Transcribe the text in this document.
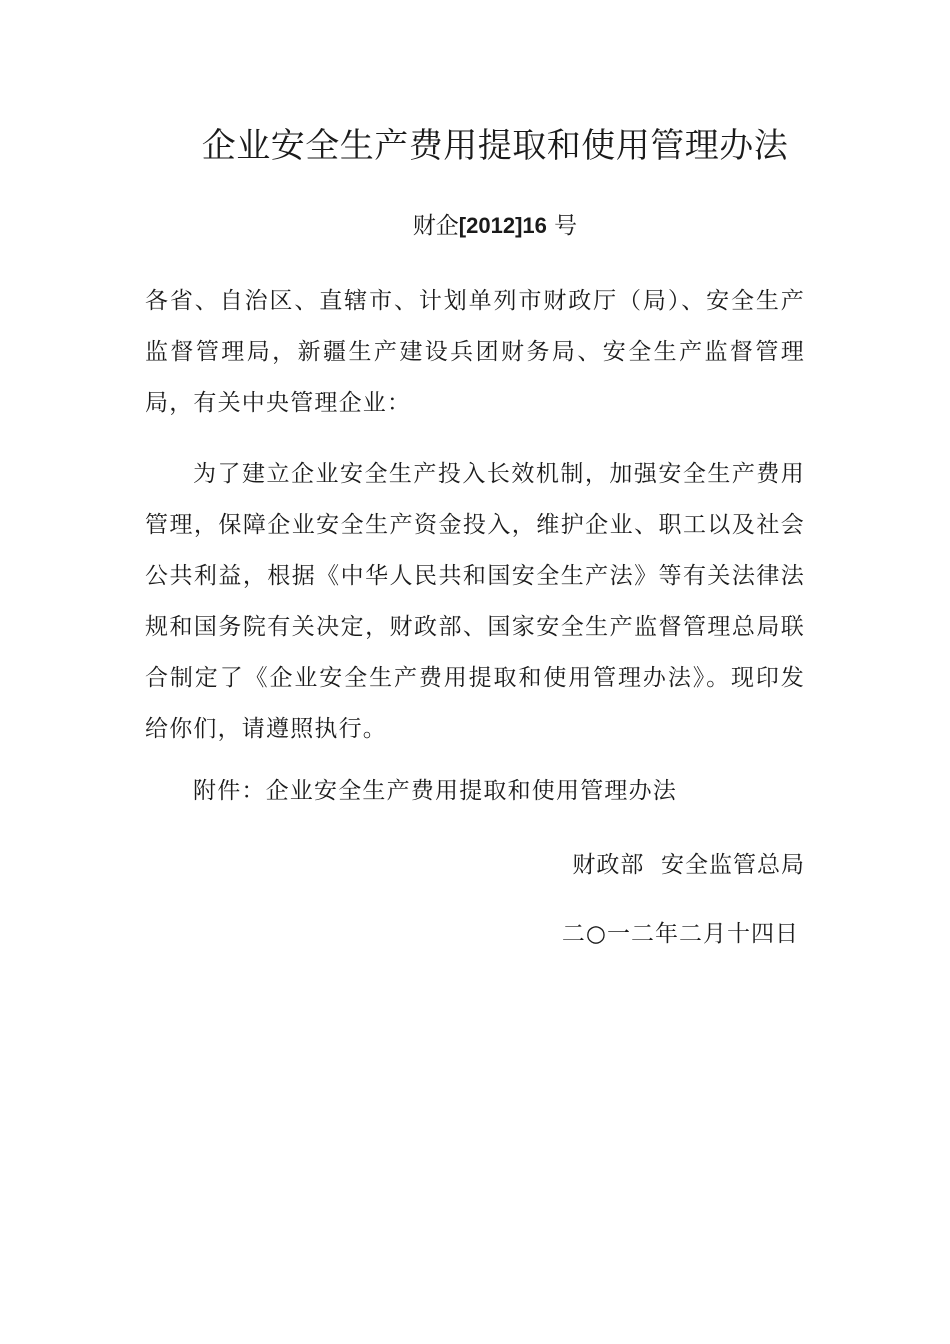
企业安全生产费用提取和使用管理办法
财企[2012]16 号

各省、自治区、直辖市、计划单列市财政厅（局）、安全生产监督管理局，新疆生产建设兵团财务局、安全生产监督管理局，有关中央管理企业：

为了建立企业安全生产投入长效机制，加强安全生产费用管理，保障企业安全生产资金投入，维护企业、职工以及社会公共利益，根据《中华人民共和国安全生产法》等有关法律法规和国务院有关决定，财政部、国家安全生产监督管理总局联合制定了《企业安全生产费用提取和使用管理办法》。现印发给你们，请遵照执行。

附件：企业安全生产费用提取和使用管理办法

财政部  安全监管总局
二○一二年二月十四日
